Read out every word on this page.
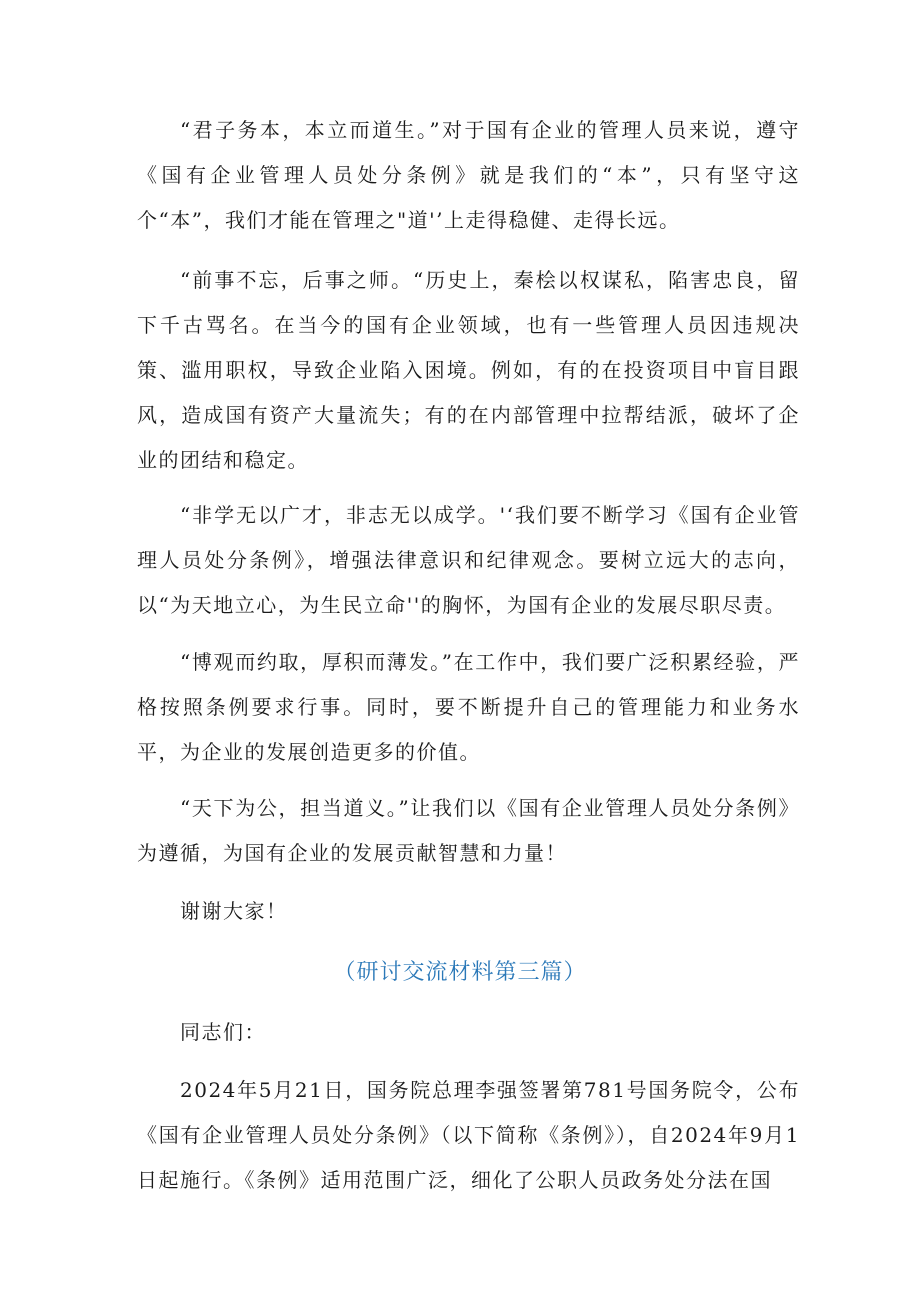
“君子务本，本立而道生。”对于国有企业的管理人员来说，遵守《国有企业管理人员处分条例》就是我们的“本”，只有坚守这个“本”，我们才能在管理之"道'’上走得稳健、走得长远。

“前事不忘，后事之师。“历史上，秦桧以权谋私，陷害忠良，留下千古骂名。在当今的国有企业领域，也有一些管理人员因违规决策、滥用职权，导致企业陷入困境。例如，有的在投资项目中盲目跟风，造成国有资产大量流失；有的在内部管理中拉帮结派，破坏了企业的团结和稳定。

“非学无以广才，非志无以成学。'‘我们要不断学习《国有企业管理人员处分条例》，增强法律意识和纪律观念。要树立远大的志向，以“为天地立心，为生民立命''的胸怀，为国有企业的发展尽职尽责。

“博观而约取，厚积而薄发。”在工作中，我们要广泛积累经验，严格按照条例要求行事。同时，要不断提升自己的管理能力和业务水平，为企业的发展创造更多的价值。

“天下为公，担当道义。”让我们以《国有企业管理人员处分条例》为遵循，为国有企业的发展贡献智慧和力量！

谢谢大家！

（研讨交流材料第三篇）

同志们：

2024年5月21日，国务院总理李强签署第781号国务院令，公布《国有企业管理人员处分条例》（以下简称《条例》），自2024年9月1日起施行。《条例》适用范围广泛，细化了公职人员政务处分法在国
